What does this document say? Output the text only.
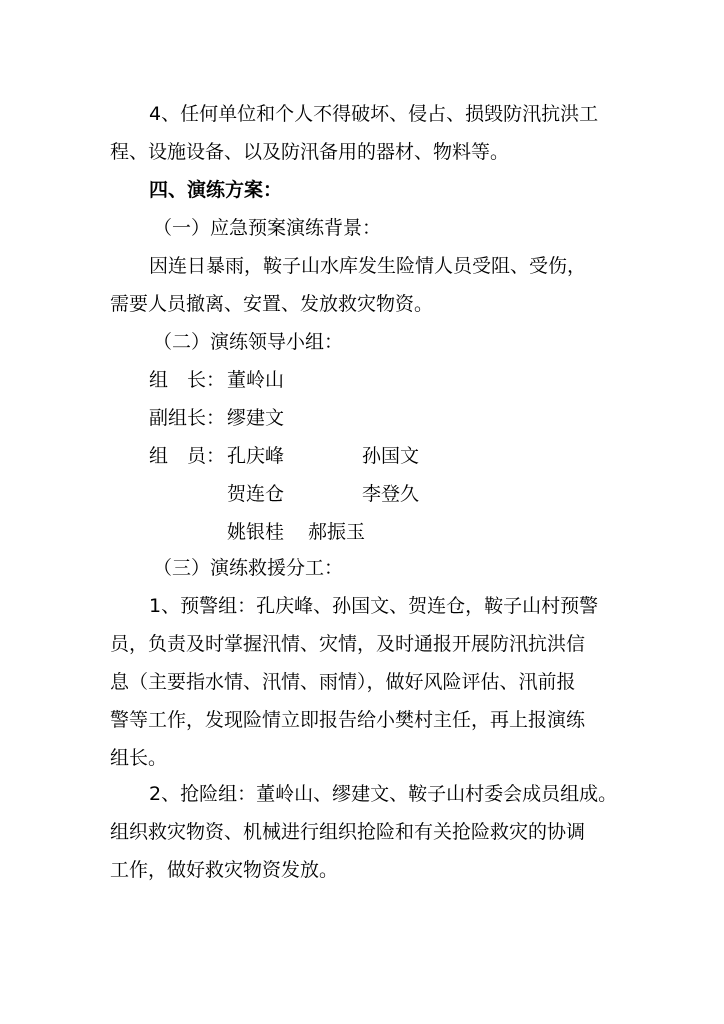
4、任何单位和个人不得破坏、侵占、损毁防汛抗洪工

程、设施设备、以及防汛备用的器材、物料等。

四、演练方案：

（一）应急预案演练背景：

因连日暴雨，鞍子山水库发生险情人员受阻、受伤，

需要人员撤离、安置、发放救灾物资。

（二）演练领导小组：

组　长： 董岭山
副组长： 缪建文
组　员： 孔庆峰	孙国文
贺连仓	李登久
姚银桂 郝振玉

（三）演练救援分工：

1、预警组：孔庆峰、孙国文、贺连仓，鞍子山村预警

员，负责及时掌握汛情、灾情，及时通报开展防汛抗洪信

息（主要指水情、汛情、雨情），做好风险评估、汛前报

警等工作，发现险情立即报告给小樊村主任，再上报演练

组长。

2、抢险组：董岭山、缪建文、鞍子山村委会成员组成。

组织救灾物资、机械进行组织抢险和有关抢险救灾的协调

工作，做好救灾物资发放。
